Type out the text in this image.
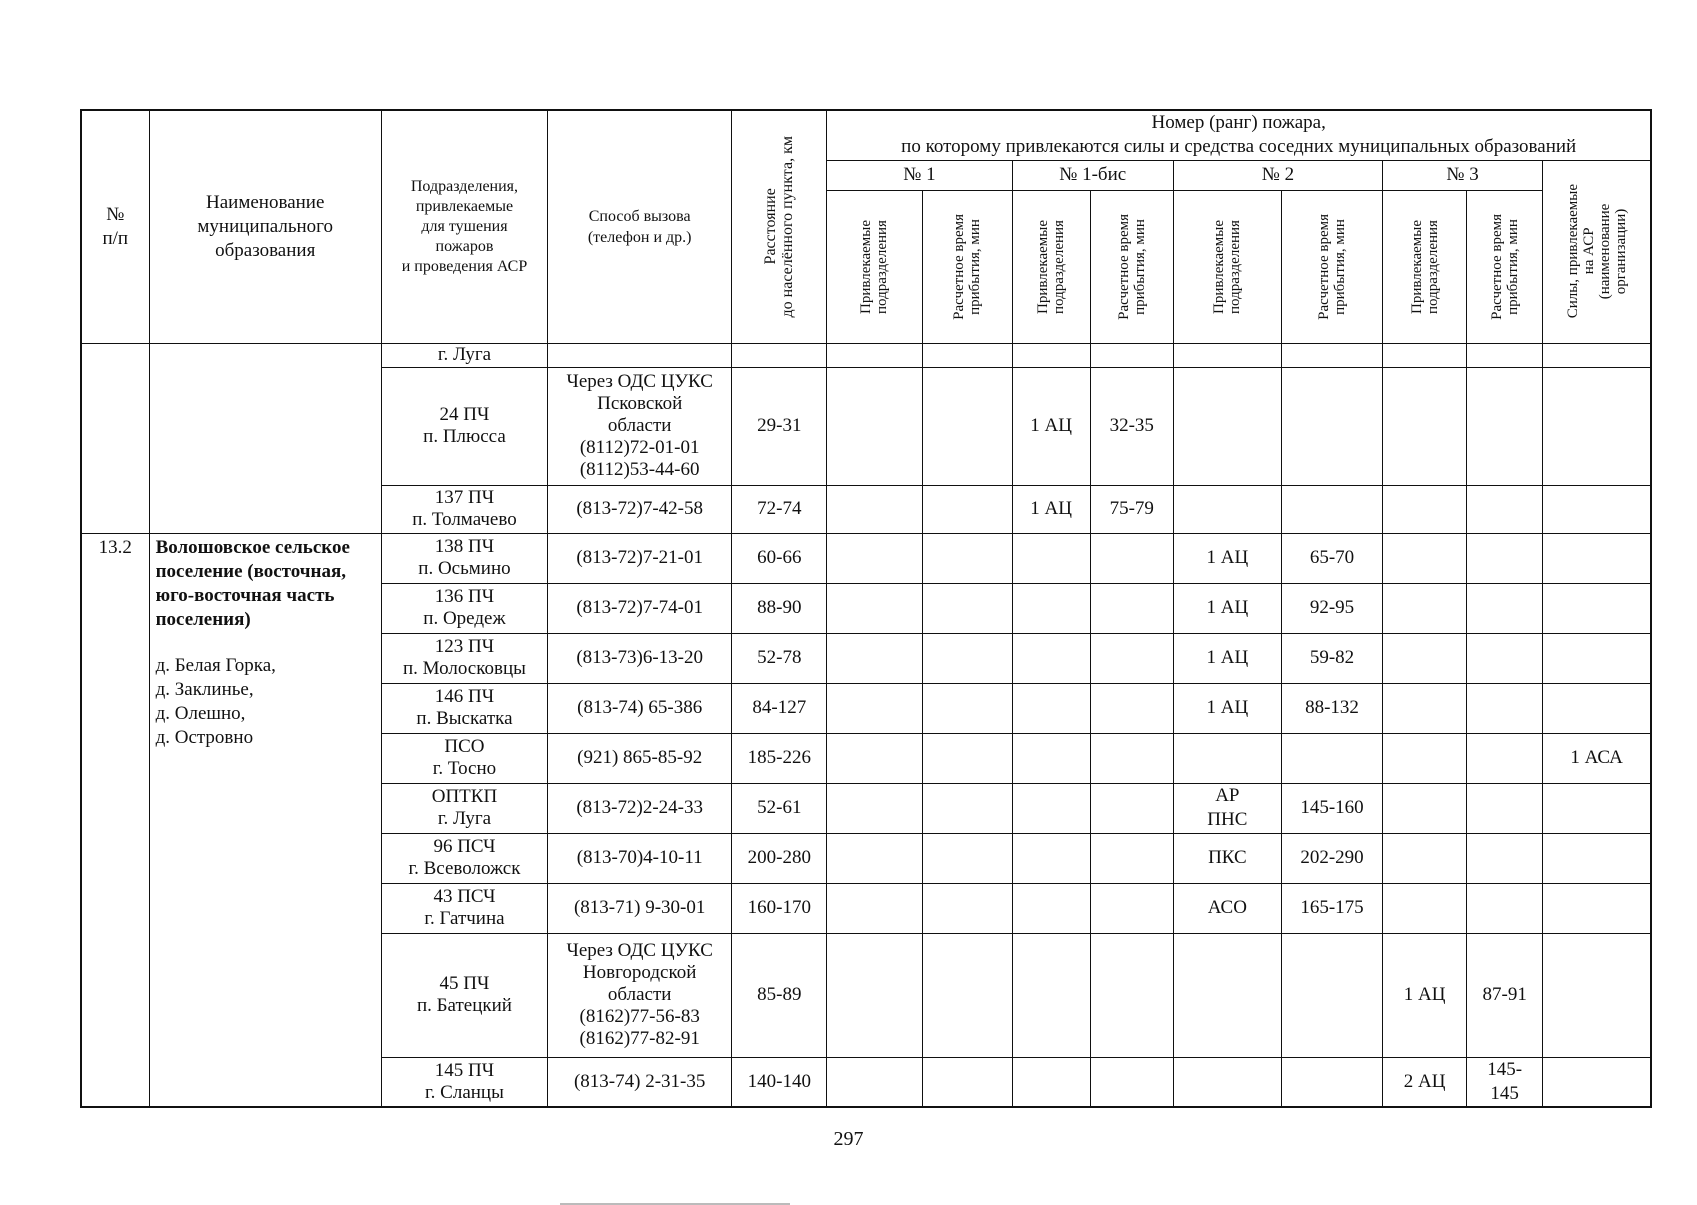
№
п/п	Наименование
муниципального
образования	Подразделения,
привлекаемые
для тушения
пожаров
и проведения АСР	Способ вызова
(телефон и др.)	Расстояние
до населённого пункта, км	Номер (ранг) пожара,
по которому привлекаются силы и средства соседних муниципальных образований								
					№ 1		№ 1-бис		№ 2		№ 3		Силы, привлекаемые
на АСР
(наименование
организации)

					Привлекаемые
подразделения	Расчетное время
прибытия, мин	Привлекаемые
подразделения	Расчетное время
прибытия, мин	Привлекаемые
подразделения	Расчетное время
прибытия, мин	Привлекаемые
подразделения	Расчетное время
прибытия, мин	

		г. Луга											
		24 ПЧ
п. Плюсса	Через ОДС ЦУКС
Псковской
области
(8112)72-01-01
(8112)53-44-60	29-31			1 АЦ	32-35					
		137 ПЧ
п. Толмачево	(813-72)7-42-58	72-74			1 АЦ	75-79					
13.2	Волошовское сельское поселение (восточная, юго-восточная часть поселения)
д. Белая Горка,
д. Заклинье,
д. Олешно,
д. Островно	138 ПЧ
п. Осьмино	(813-72)7-21-01	60-66					1 АЦ	65-70			
		136 ПЧ
п. Оредеж	(813-72)7-74-01	88-90					1 АЦ	92-95			
		123 ПЧ
п. Молосковцы	(813-73)6-13-20	52-78					1 АЦ	59-82			
		146 ПЧ
п. Выскатка	(813-74) 65-386	84-127					1 АЦ	88-132			
		ПСО
г. Тосно	(921) 865-85-92	185-226									1 АСА
		ОПТКП
г. Луга	(813-72)2-24-33	52-61					АР
ПНС	145-160			
		96 ПСЧ
г. Всеволожск	(813-70)4-10-11	200-280					ПКС	202-290			
		43 ПСЧ
г. Гатчина	(813-71) 9-30-01	160-170					АСО	165-175			
		45 ПЧ
п. Батецкий	Через ОДС ЦУКС
Новгородской
области
(8162)77-56-83
(8162)77-82-91	85-89							1 АЦ	87-91	
		145 ПЧ
г. Сланцы	(813-74) 2-31-35	140-140							2 АЦ	145-
145	
297
